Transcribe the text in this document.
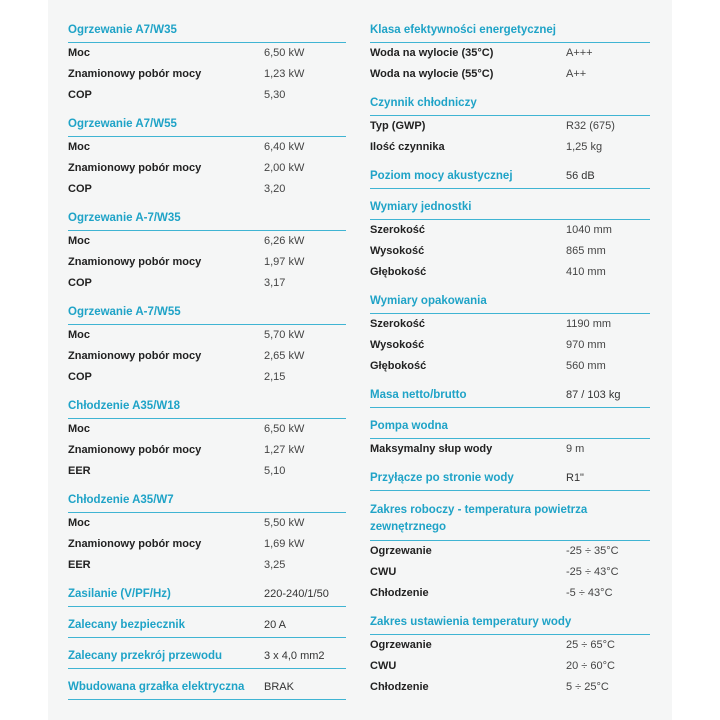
Ogrzewanie A7/W35
Moc	6,50 kW
Znamionowy pobór mocy	1,23 kW
COP	5,30
Ogrzewanie A7/W55
Moc	6,40 kW
Znamionowy pobór mocy	2,00 kW
COP	3,20
Ogrzewanie A-7/W35
Moc	6,26 kW
Znamionowy pobór mocy	1,97 kW
COP	3,17
Ogrzewanie A-7/W55
Moc	5,70 kW
Znamionowy pobór mocy	2,65 kW
COP	2,15
Chłodzenie A35/W18
Moc	6,50 kW
Znamionowy pobór mocy	1,27 kW
EER	5,10
Chłodzenie A35/W7
Moc	5,50 kW
Znamionowy pobór mocy	1,69 kW
EER	3,25
Zasilanie (V/PF/Hz)	220-240/1/50
Zalecany bezpiecznik	20 A
Zalecany przekrój przewodu	3 x 4,0 mm2
Wbudowana grzałka elektryczna BRAK
Klasa efektywności energetycznej
Woda na wylocie (35°C)	A+++
Woda na wylocie (55°C)	A++
Czynnik chłodniczy
Typ (GWP)	R32 (675)
Ilość czynnika	1,25 kg
Poziom mocy akustycznej	56 dB
Wymiary jednostki
Szerokość	1040 mm
Wysokość	865 mm
Głębokość	410 mm
Wymiary opakowania
Szerokość	1190 mm
Wysokość	970 mm
Głębokość	560 mm
Masa netto/brutto	87 / 103 kg
Pompa wodna
Maksymalny słup wody	9 m
Przyłącze po stronie wody	R1"
Zakres roboczy - temperatura powietrza zewnętrznego
Ogrzewanie	-25 ÷ 35°C
CWU	-25 ÷ 43°C
Chłodzenie	-5 ÷ 43°C
Zakres ustawienia temperatury wody
Ogrzewanie	25 ÷ 65°C
CWU	20 ÷ 60°C
Chłodzenie	5 ÷ 25°C
